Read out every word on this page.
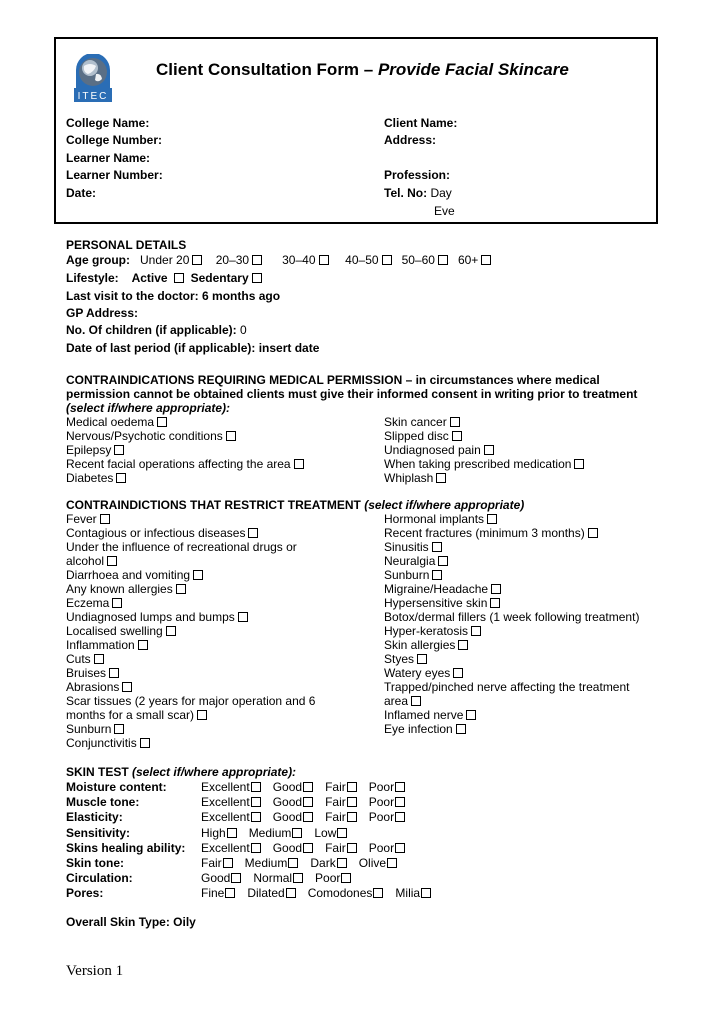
ITEC
Client Consultation Form – Provide Facial Skincare
College Name:
College Number:
Learner Name:
Learner Number:
Date:
Client Name:
Address:
Profession:
Tel. No: Day
Eve
PERSONAL DETAILS
Age group: Under 20 20–30	30–40 40–50 50–60 60+
Lifestyle: Active Sedentary
Last visit to the doctor: 6 months ago
GP Address:
No. Of children (if applicable): 0
Date of last period (if applicable): insert date
CONTRAINDICATIONS REQUIRING MEDICAL PERMISSION – in circumstances where medical
permission cannot be obtained clients must give their informed consent in writing prior to treatment
(select if/where appropriate):
Medical oedema
Nervous/Psychotic conditions
Epilepsy
Recent facial operations affecting the area
Diabetes
Skin cancer
Slipped disc
Undiagnosed pain
When taking prescribed medication
Whiplash
CONTRAINDICTIONS THAT RESTRICT TREATMENT (select if/where appropriate)
Fever
Contagious or infectious diseases
Under the influence of recreational drugs or
alcohol
Diarrhoea and vomiting
Any known allergies
Eczema
Undiagnosed lumps and bumps
Localised swelling
Inflammation
Cuts
Bruises
Abrasions
Scar tissues (2 years for major operation and 6
months for a small scar)
Sunburn
Conjunctivitis
Hormonal implants
Recent fractures (minimum 3 months)
Sinusitis
Neuralgia
Sunburn
Migraine/Headache
Hypersensitive skin
Botox/dermal fillers (1 week following treatment)
Hyper-keratosis
Skin allergies
Styes
Watery eyes
Trapped/pinched nerve affecting the treatment
area
Inflamed nerve
Eye infection
SKIN TEST (select if/where appropriate):
Moisture content:	Excellent Good Fair Poor
Muscle tone:	Excellent Good Fair Poor
Elasticity:	Excellent Good Fair Poor
Sensitivity:	High Medium Low
Skins healing ability: Excellent Good Fair Poor
Skin tone:	Fair Medium Dark Olive
Circulation:	Good Normal Poor
Pores:	Fine Dilated Comodones Milia
Overall Skin Type: Oily
Version 1
